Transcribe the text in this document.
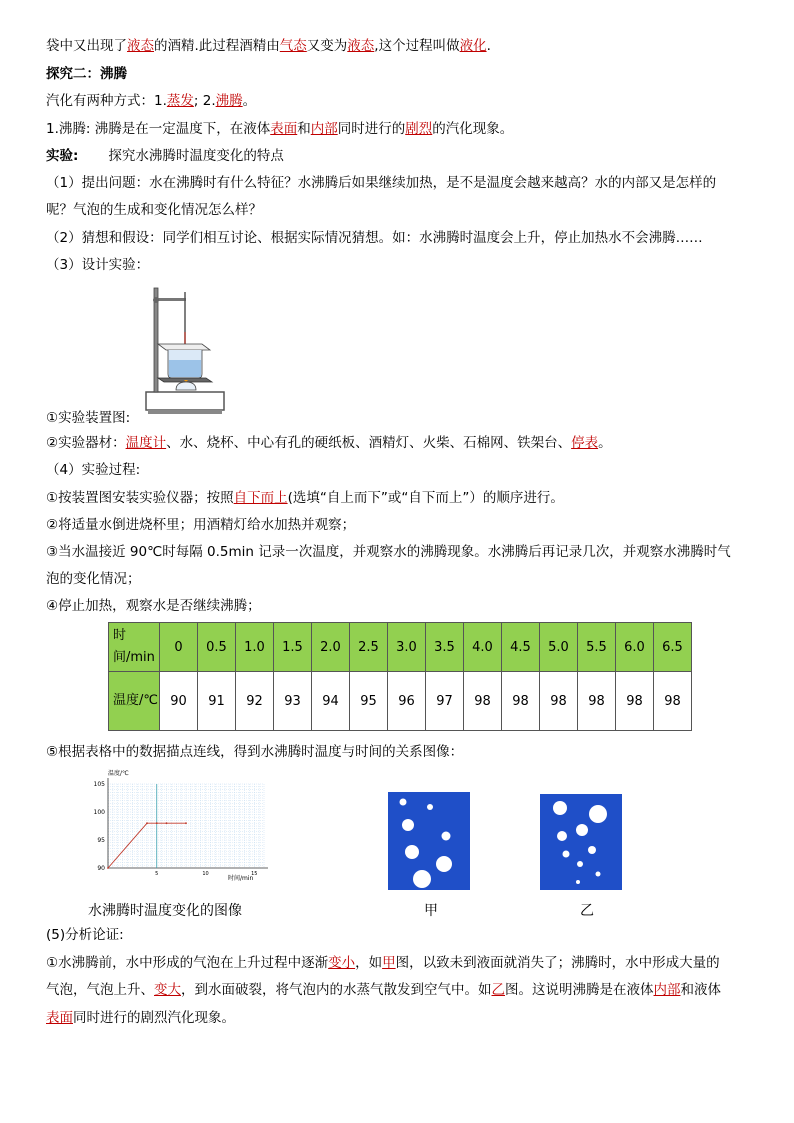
袋中又出现了液态的酒精.此过程酒精由气态又变为液态,这个过程叫做液化.
探究二：沸腾
汽化有两种方式：1.蒸发; 2.沸腾。
1.沸腾: 沸腾是在一定温度下，在液体表面和内部同时进行的剧烈的汽化现象。
实验: 探究水沸腾时温度变化的特点
（1）提出问题：水在沸腾时有什么特征？水沸腾后如果继续加热，是不是温度会越来越高？水的内部又是怎样的
呢？气泡的生成和变化情况怎么样？
（2）猜想和假设：同学们相互讨论、根据实际情况猜想。如：水沸腾时温度会上升，停止加热水不会沸腾……
（3）设计实验：
①实验装置图:
②实验器材：温度计、水、烧杯、中心有孔的硬纸板、酒精灯、火柴、石棉网、铁架台、停表。
（4）实验过程:
①按装置图安装实验仪器；按照自下而上(选填“自上而下”或“自下而上”）的顺序进行。
②将适量水倒进烧杯里；用酒精灯给水加热并观察；
③当水温接近 90℃时每隔 0.5min 记录一次温度，并观察水的沸腾现象。水沸腾后再记录几次，并观察水沸腾时气
泡的变化情况；
④停止加热，观察水是否继续沸腾；
时间/min	0	0.5	1.0	1.5	2.0	2.5	3.0	3.5	4.0	4.5	5.0	5.5	6.0	6.5
温度/℃	90	91	92	93	94	95	96	97	98	98	98	98	98	98
⑤根据表格中的数据描点连线，得到水沸腾时温度与时间的关系图像：
105
100
95
90
5	10	15
温度/℃
时间/min
水沸腾时温度变化的图像	甲	乙
(5)分析论证:
①水沸腾前，水中形成的气泡在上升过程中逐渐变小，如甲图，以致未到液面就消失了；沸腾时，水中形成大量的
气泡，气泡上升、变大，到水面破裂，将气泡内的水蒸气散发到空气中。如乙图。这说明沸腾是在液体内部和液体
表面同时进行的剧烈汽化现象。
